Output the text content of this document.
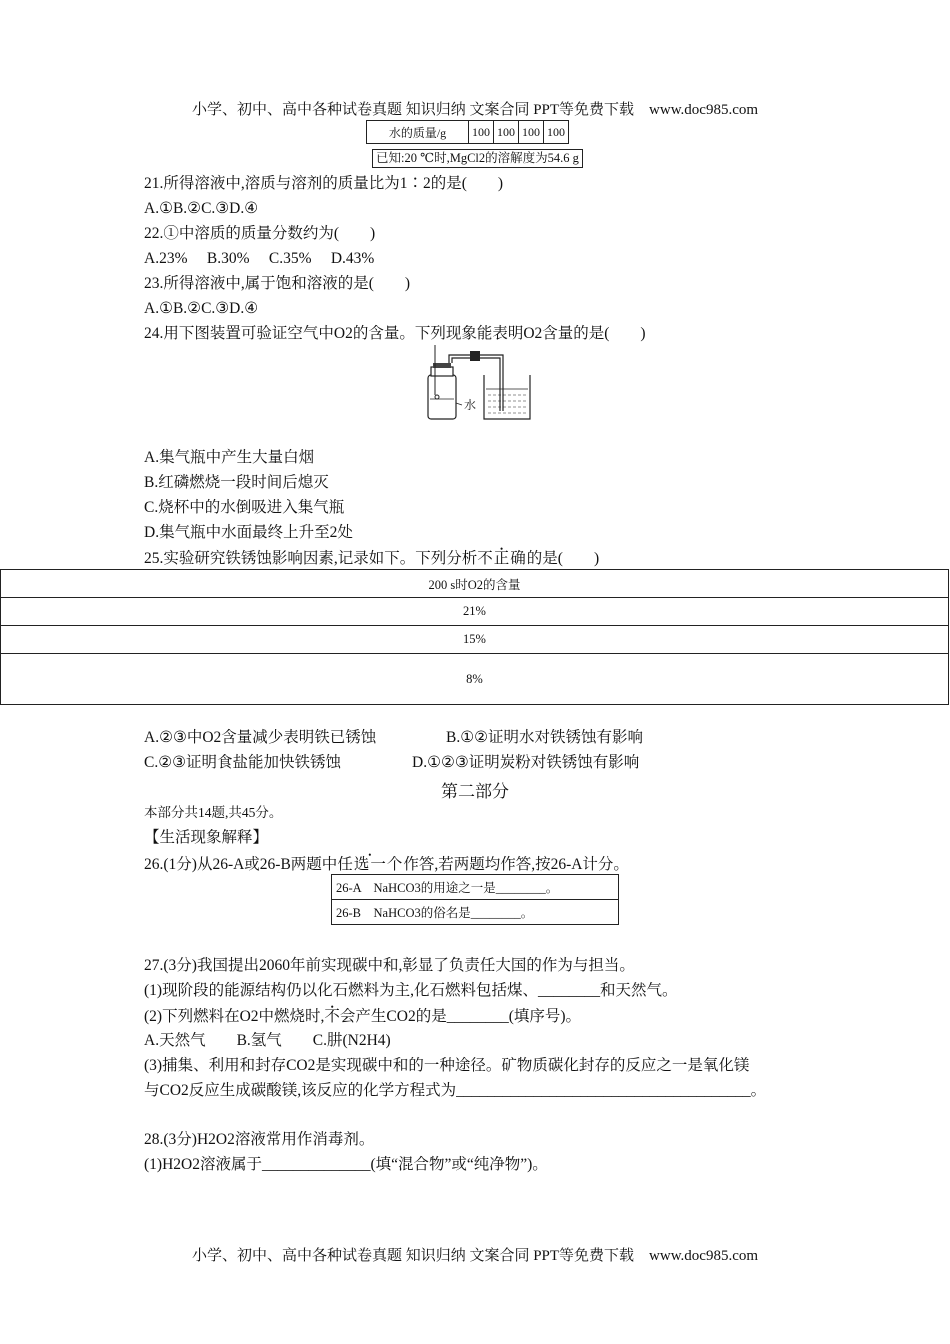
小学、初中、高中各种试卷真题 知识归纳 文案合同 PPT等免费下载　www.doc985.com
水的质量/g	100	100	100	100
已知:20 ℃时,MgCl2的溶解度为54.6 g
21.所得溶液中,溶质与溶剂的质量比为1∶2的是(　　)
A.①B.②C.③D.④
22.①中溶质的质量分数约为(　　)
A.23%　 B.30%　 C.35%　 D.43%
23.所得溶液中,属于饱和溶液的是(　　)
A.①B.②C.③D.④
24.用下图装置可验证空气中O2的含量。下列现象能表明O2含量的是(　　)
水
A.集气瓶中产生大量白烟
B.红磷燃烧一段时间后熄灭
C.烧杯中的水倒吸进入集气瓶
D.集气瓶中水面最终上升至2处
25.实验研究铁锈蚀影响因素,记录如下。下列分析不正确的是(　　)
200 s时O2的含量
21%
15%
8%
A.②③中O2含量减少表明铁已锈蚀	B.①②证明水对铁锈蚀有影响
C.②③证明食盐能加快铁锈蚀	D.①②③证明炭粉对铁锈蚀有影响
第二部分
本部分共14题,共45分。
【生活现象解释】
26.(1分)从26-A或26-B两题中任选一个作答,若两题均作答,按26-A计分。
26-A　NaHCO3的用途之一是________。
26-B　NaHCO3的俗名是________。
27.(3分)我国提出2060年前实现碳中和,彰显了负责任大国的作为与担当。
(1)现阶段的能源结构仍以化石燃料为主,化石燃料包括煤、________和天然气。
(2)下列燃料在O2中燃烧时,不会产生CO2的是________(填序号)。
A.天然气　　B.氢气　　C.肼(N2H4)
(3)捕集、利用和封存CO2是实现碳中和的一种途径。矿物质碳化封存的反应之一是氧化镁
与CO2反应生成碳酸镁,该反应的化学方程式为______________________________________。
28.(3分)H2O2溶液常用作消毒剂。
(1)H2O2溶液属于______________(填“混合物”或“纯净物”)。
小学、初中、高中各种试卷真题 知识归纳 文案合同 PPT等免费下载　www.doc985.com
